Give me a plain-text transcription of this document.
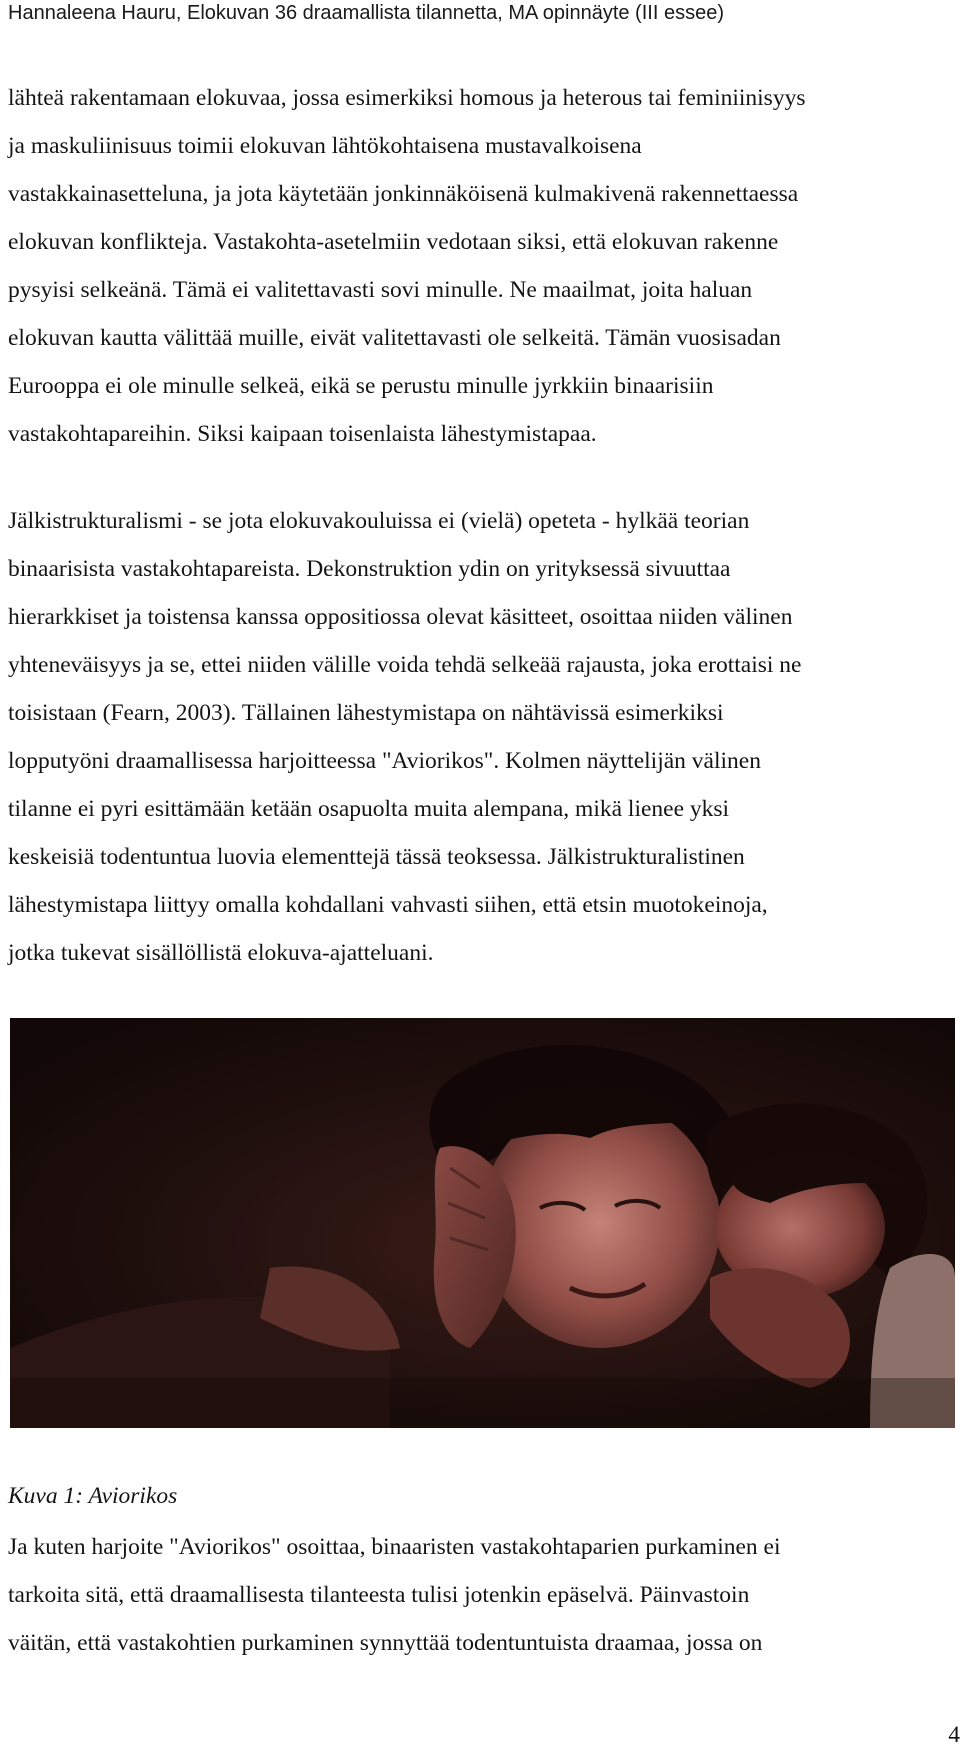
Hannaleena Hauru, Elokuvan 36 draamallista tilannetta, MA opinnäyte (III essee)
lähteä rakentamaan elokuvaa, jossa esimerkiksi homous ja heterous tai feminiinisyys
ja maskuliinisuus toimii elokuvan lähtökohtaisena mustavalkoisena
vastakkainasetteluna, ja jota käytetään jonkinnäköisenä kulmakivenä rakennettaessa
elokuvan konflikteja. Vastakohta-asetelmiin vedotaan siksi, että elokuvan rakenne
pysyisi selkeänä. Tämä ei valitettavasti sovi minulle. Ne maailmat, joita haluan
elokuvan kautta välittää muille, eivät valitettavasti ole selkeitä. Tämän vuosisadan
Eurooppa ei ole minulle selkeä, eikä se perustu minulle jyrkkiin binaarisiin
vastakohtapareihin. Siksi kaipaan toisenlaista lähestymistapaa.
Jälkistrukturalismi - se jota elokuvakouluissa ei (vielä) opeteta - hylkää teorian
binaarisista vastakohtapareista. Dekonstruktion ydin on yrityksessä sivuuttaa
hierarkkiset ja toistensa kanssa oppositiossa olevat käsitteet, osoittaa niiden välinen
yhteneväisyys ja se, ettei niiden välille voida tehdä selkeää rajausta, joka erottaisi ne
toisistaan (Fearn, 2003). Tällainen lähestymistapa on nähtävissä esimerkiksi
lopputyöni draamallisessa harjoitteessa "Aviorikos". Kolmen näyttelijän välinen
tilanne ei pyri esittämään ketään osapuolta muita alempana, mikä lienee yksi
keskeisiä todentuntua luovia elementtejä tässä teoksessa. Jälkistrukturalistinen
lähestymistapa liittyy omalla kohdallani vahvasti siihen, että etsin muotokeinoja,
jotka tukevat sisällöllistä elokuva-ajatteluani.
Kuva 1: Aviorikos
Ja kuten harjoite "Aviorikos" osoittaa, binaaristen vastakohtaparien purkaminen ei
tarkoita sitä, että draamallisesta tilanteesta tulisi jotenkin epäselvä. Päinvastoin
väitän, että vastakohtien purkaminen synnyttää todentuntuista draamaa, jossa on
4
